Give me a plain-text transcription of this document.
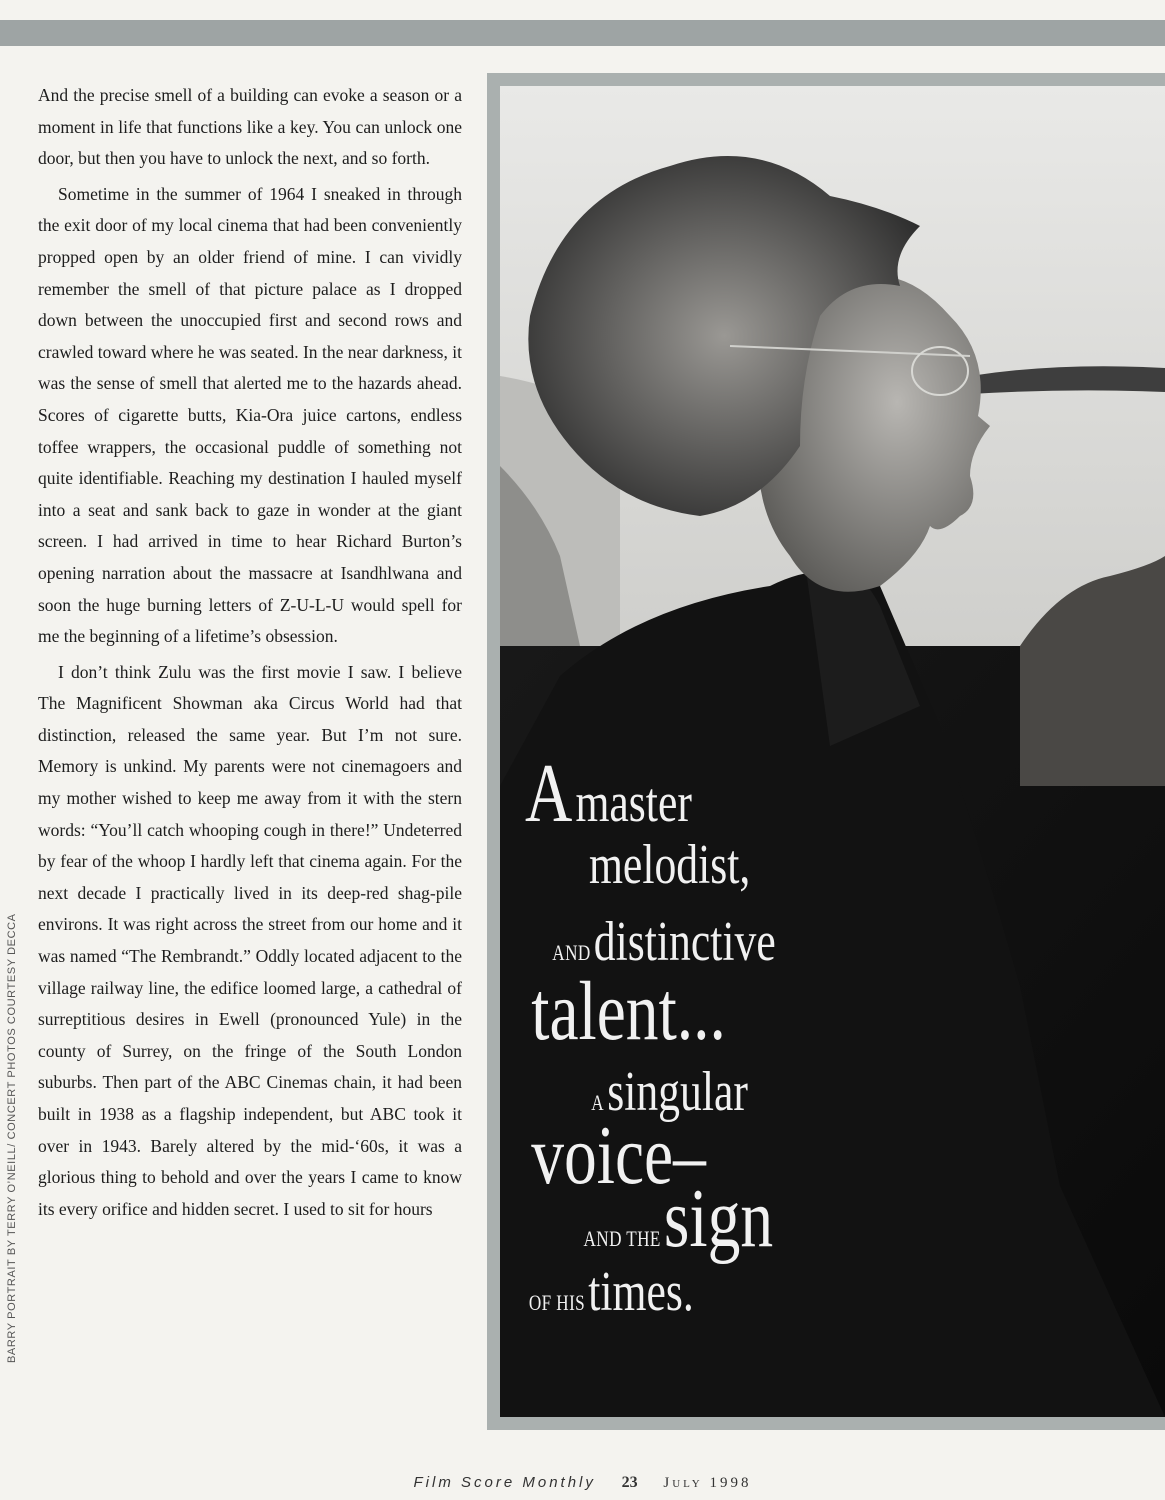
And the precise smell of a building can evoke a season or a moment in life that functions like a key. You can unlock one door, but then you have to unlock the next, and so forth.

Sometime in the summer of 1964 I sneaked in through the exit door of my local cinema that had been conveniently propped open by an older friend of mine. I can vividly remember the smell of that picture palace as I dropped down between the unoccupied first and second rows and crawled toward where he was seated. In the near darkness, it was the sense of smell that alerted me to the hazards ahead. Scores of cigarette butts, Kia-Ora juice cartons, endless toffee wrappers, the occasional puddle of something not quite identifiable. Reaching my destination I hauled myself into a seat and sank back to gaze in wonder at the giant screen. I had arrived in time to hear Richard Burton’s opening narration about the massacre at Isandhlwana and soon the huge burning letters of Z-U-L-U would spell for me the beginning of a lifetime’s obsession.

I don’t think Zulu was the first movie I saw. I believe The Magnificent Showman aka Circus World had that distinction, released the same year. But I’m not sure. Memory is unkind. My parents were not cinemagoers and my mother wished to keep me away from it with the stern words: “You’ll catch whooping cough in there!” Undeterred by fear of the whoop I hardly left that cinema again. For the next decade I practically lived in its deep-red shag-pile environs. It was right across the street from our home and it was named “The Rembrandt.” Oddly located adjacent to the village railway line, the edifice loomed large, a cathedral of surreptitious desires in Ewell (pronounced Yule) in the county of Surrey, on the fringe of the South London suburbs. Then part of the ABC Cinemas chain, it had been built in 1938 as a flagship independent, but ABC took it over in 1943. Barely altered by the mid-‘60s, it was a glorious thing to behold and over the years I came to know its every orifice and hidden secret. I used to sit for hours

BARRY PORTRAIT BY TERRY O’NEILL/ CONCERT PHOTOS COURTESY DECCA
A master
melodist,
AND distinctive
talent...
A singular
voice–
AND THE sign
OF HIS times.
Film Score Monthly 23 July 1998
